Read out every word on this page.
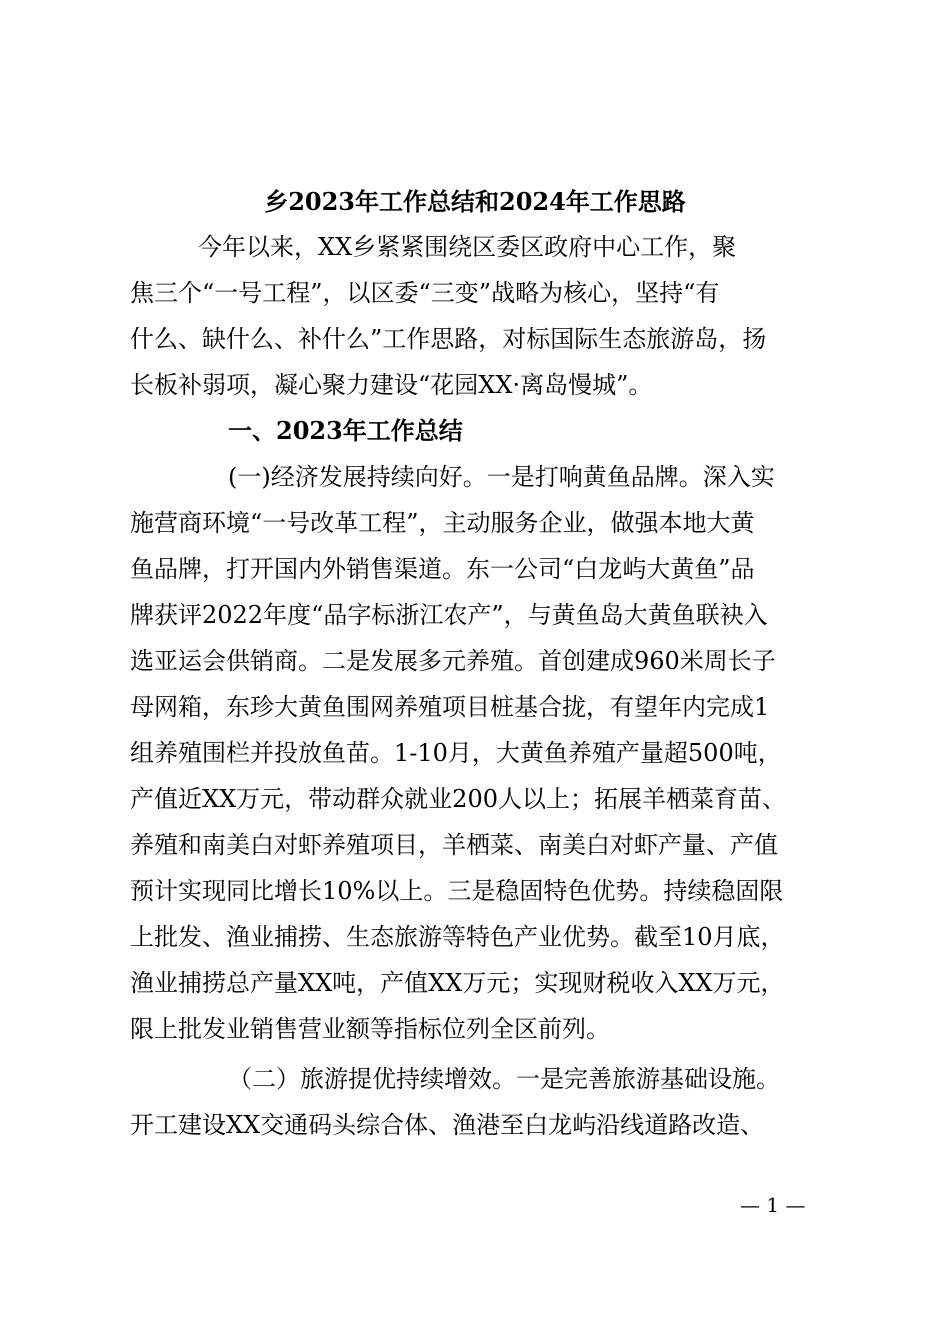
乡2023年工作总结和2024年工作思路
今年以来，XX乡紧紧围绕区委区政府中心工作，聚
焦三个“一号工程”，以区委“三变”战略为核心，坚持“有
什么、缺什么、补什么”工作思路，对标国际生态旅游岛，扬
长板补弱项，凝心聚力建设“花园XX·离岛慢城”。
一、2023年工作总结
(一)经济发展持续向好。一是打响黄鱼品牌。深入实
施营商环境“一号改革工程”，主动服务企业，做强本地大黄
鱼品牌，打开国内外销售渠道。东一公司“白龙屿大黄鱼”品
牌获评2022年度“品字标浙江农产”，与黄鱼岛大黄鱼联袂入
选亚运会供销商。二是发展多元养殖。首创建成960米周长子
母网箱，东珍大黄鱼围网养殖项目桩基合拢，有望年内完成1
组养殖围栏并投放鱼苗。1-10月，大黄鱼养殖产量超500吨，
产值近XX万元，带动群众就业200人以上；拓展羊栖菜育苗、
养殖和南美白对虾养殖项目，羊栖菜、南美白对虾产量、产值
预计实现同比增长10%以上。三是稳固特色优势。持续稳固限
上批发、渔业捕捞、生态旅游等特色产业优势。截至10月底，
渔业捕捞总产量XX吨，产值XX万元；实现财税收入XX万元，
限上批发业销售营业额等指标位列全区前列。
（二）旅游提优持续增效。一是完善旅游基础设施。
开工建设XX交通码头综合体、渔港至白龙屿沿线道路改造、
— 1 —
